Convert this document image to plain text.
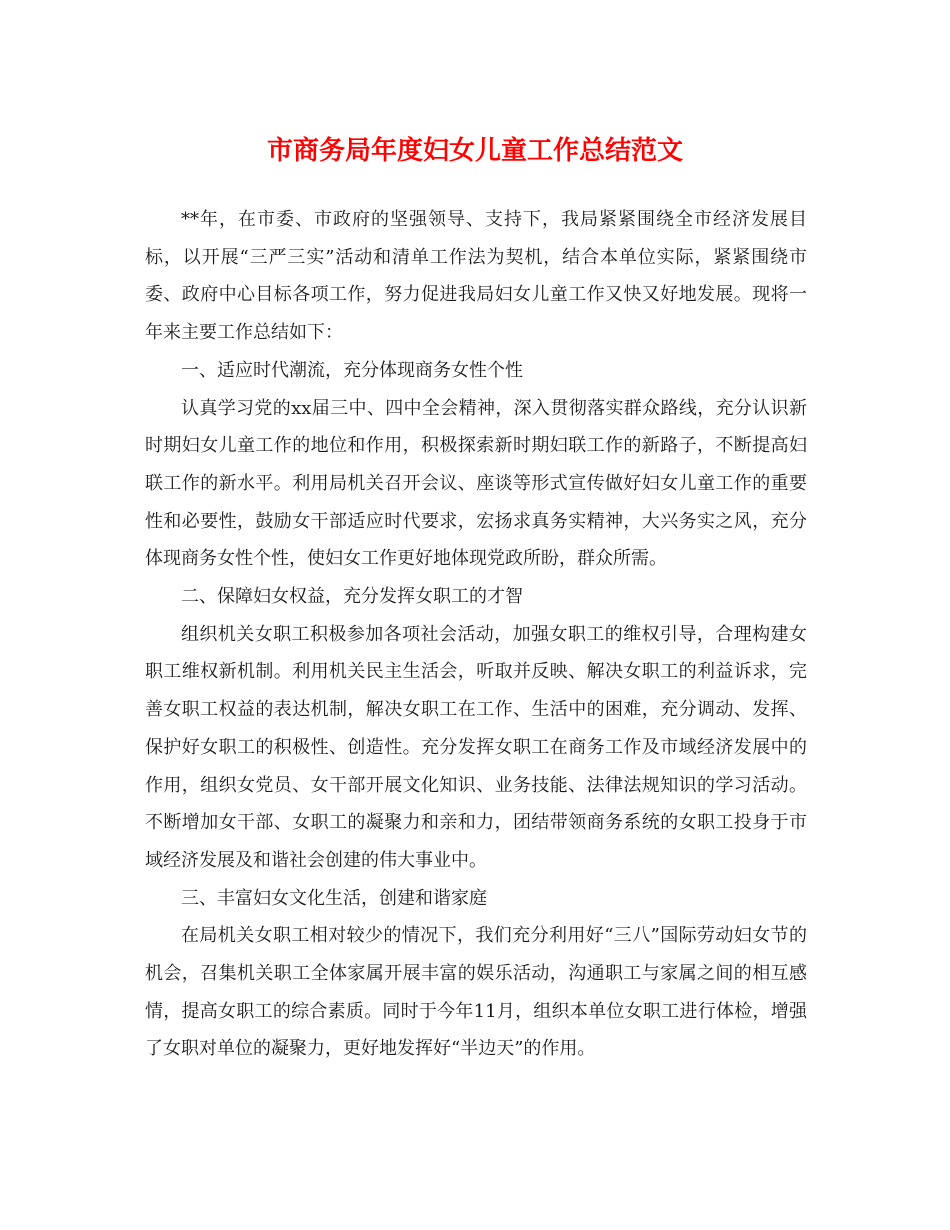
市商务局年度妇女儿童工作总结范文

**年，在市委、市政府的坚强领导、支持下，我局紧紧围绕全市经济发展目标，以开展“三严三实”活动和清单工作法为契机，结合本单位实际，紧紧围绕市委、政府中心目标各项工作，努力促进我局妇女儿童工作又快又好地发展。现将一年来主要工作总结如下：

一、适应时代潮流，充分体现商务女性个性

认真学习党的xx届三中、四中全会精神，深入贯彻落实群众路线，充分认识新时期妇女儿童工作的地位和作用，积极探索新时期妇联工作的新路子，不断提高妇联工作的新水平。利用局机关召开会议、座谈等形式宣传做好妇女儿童工作的重要性和必要性，鼓励女干部适应时代要求，宏扬求真务实精神，大兴务实之风，充分体现商务女性个性，使妇女工作更好地体现党政所盼，群众所需。

二、保障妇女权益，充分发挥女职工的才智

组织机关女职工积极参加各项社会活动，加强女职工的维权引导，合理构建女职工维权新机制。利用机关民主生活会，听取并反映、解决女职工的利益诉求，完善女职工权益的表达机制，解决女职工在工作、生活中的困难，充分调动、发挥、保护好女职工的积极性、创造性。充分发挥女职工在商务工作及市域经济发展中的作用，组织女党员、女干部开展文化知识、业务技能、法律法规知识的学习活动。不断增加女干部、女职工的凝聚力和亲和力，团结带领商务系统的女职工投身于市域经济发展及和谐社会创建的伟大事业中。

三、丰富妇女文化生活，创建和谐家庭

在局机关女职工相对较少的情况下，我们充分利用好“三八”国际劳动妇女节的机会，召集机关职工全体家属开展丰富的娱乐活动，沟通职工与家属之间的相互感情，提高女职工的综合素质。同时于今年11月，组织本单位女职工进行体检，增强了女职对单位的凝聚力，更好地发挥好“半边天”的作用。
